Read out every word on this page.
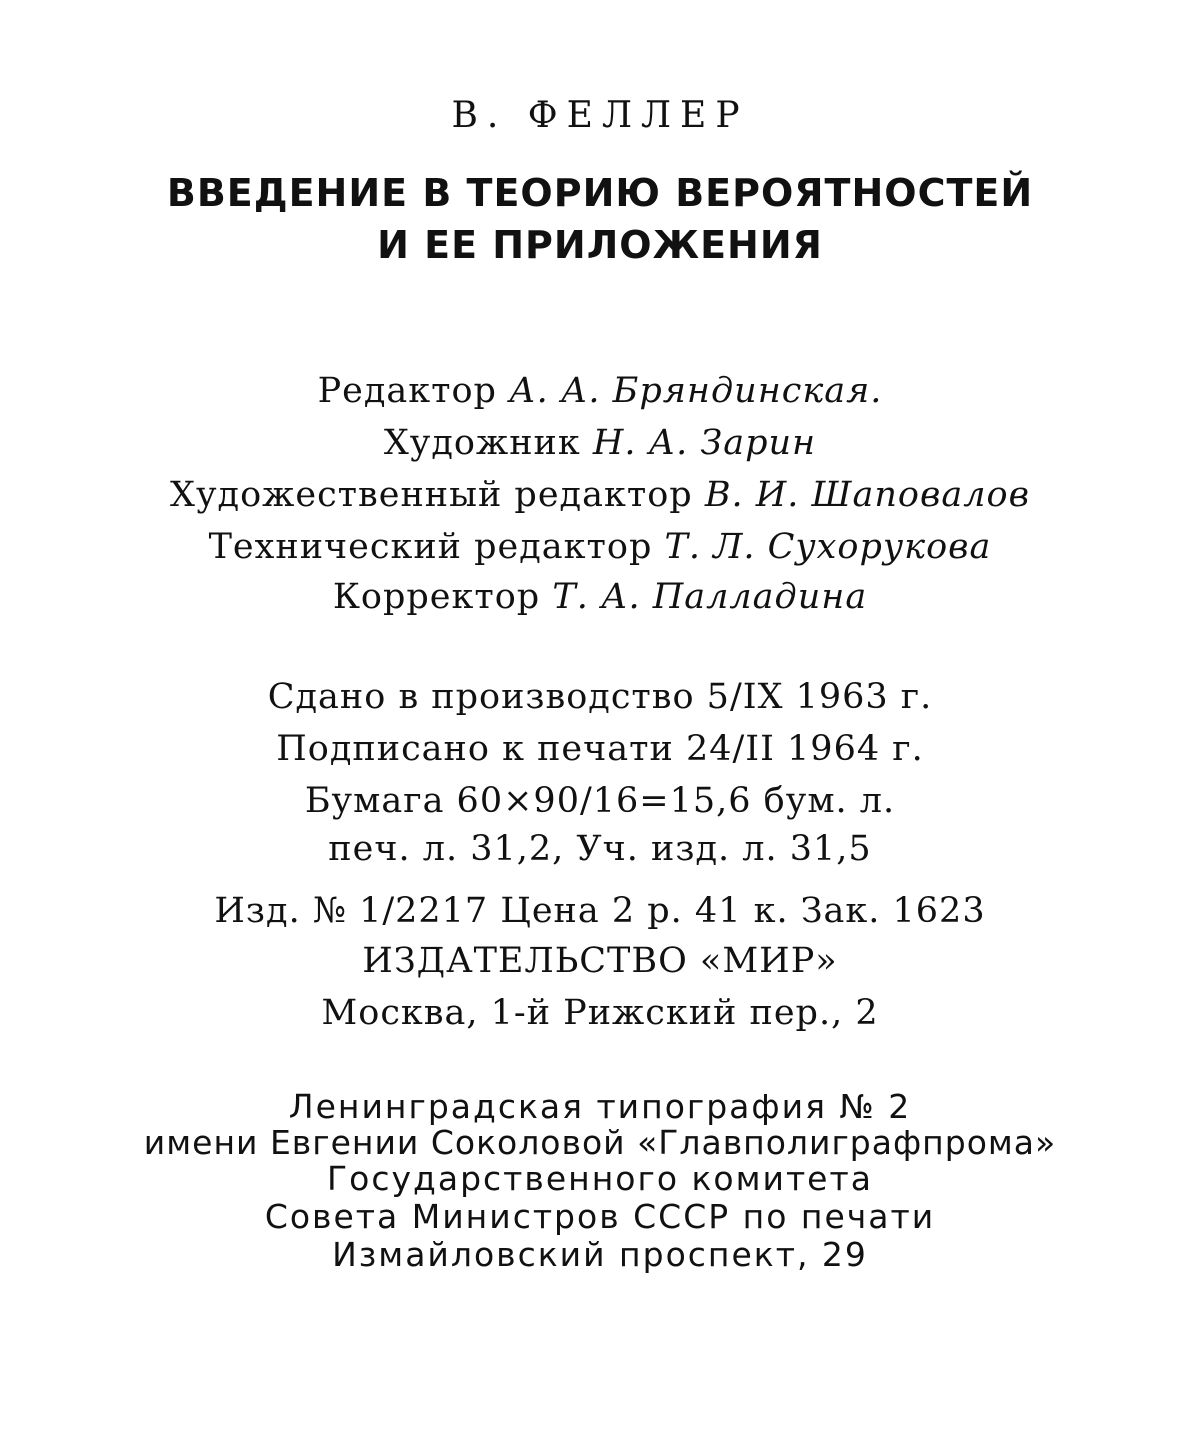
В. ФЕЛЛЕР
ВВЕДЕНИЕ В ТЕОРИЮ ВЕРОЯТНОСТЕЙ
И ЕЕ ПРИЛОЖЕНИЯ
Редактор А. А. Бряндинская.
Художник Н. А. Зарин
Художественный редактор В. И. Шаповалов
Технический редактор Т. Л. Сухорукова
Корректор Т. А. Палладина
Сдано в производство 5/IX 1963 г.
Подписано к печати 24/II 1964 г.
Бумага 60×90/16=15,6 бум. л.
печ. л. 31,2, Уч. изд. л. 31,5
Изд. № 1/2217 Цена 2 р. 41 к. Зак. 1623
ИЗДАТЕЛЬСТВО «МИР»
Москва, 1-й Рижский пер., 2
Ленинградская типография № 2
имени Евгении Соколовой «Главполиграфпрома»
Государственного комитета
Совета Министров СССР по печати
Измайловский проспект, 29
